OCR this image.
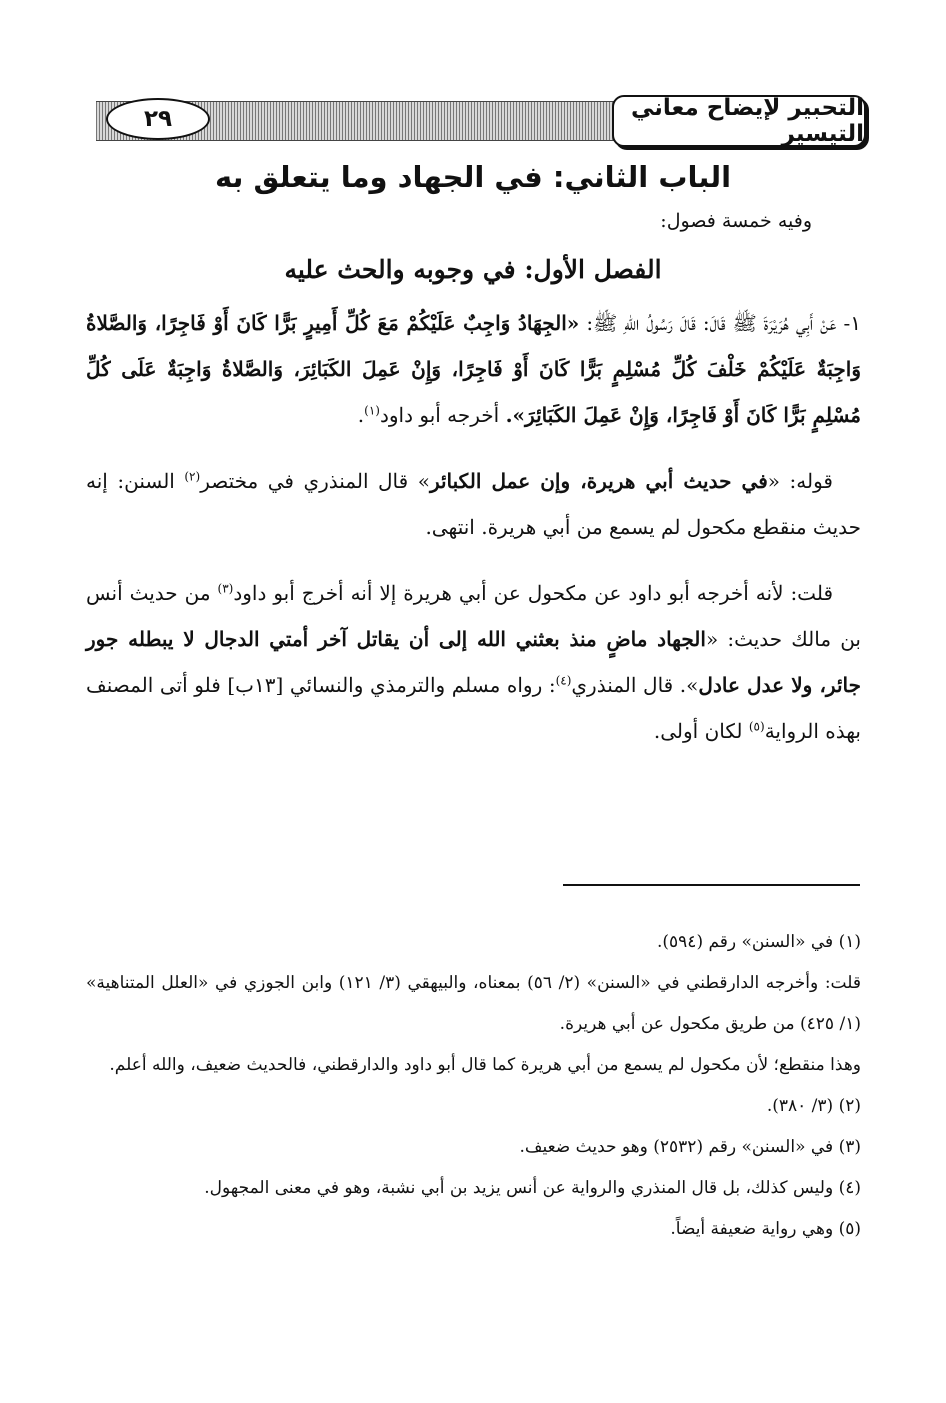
التحبير لإيضاح معاني التيسير
٢٩
الباب الثاني: في الجهاد وما يتعلق به
وفيه خمسة فصول:
الفصل الأول: في وجوبه والحث عليه

١- عَنْ أَبِي هُرَيْرَةَ ﷺ قَالَ: قَالَ رَسُولُ اللهِ ﷺ: «الجِهَادُ وَاجِبٌ عَلَيْكُمْ مَعَ كُلِّ أَمِيرٍ بَرًّا كَانَ أَوْ فَاجِرًا، وَالصَّلاةُ وَاجِبَةٌ عَلَيْكُمْ خَلْفَ كُلِّ مُسْلِمٍ بَرًّا كَانَ أَوْ فَاجِرًا، وَإِنْ عَمِلَ الكَبَائِرَ، وَالصَّلاةُ وَاجِبَةٌ عَلَى كُلِّ مُسْلِمٍ بَرًّا كَانَ أَوْ فَاجِرًا، وَإِنْ عَمِلَ الكَبَائِرَ». أخرجه أبو داود$^{(١)}$.

قوله: «في حديث أبي هريرة، وإن عمل الكبائر» قال المنذري في مختصر$^{(٢)}$ السنن: إنه حديث منقطع مكحول لم يسمع من أبي هريرة. انتهى.

قلت: لأنه أخرجه أبو داود عن مكحول عن أبي هريرة إلا أنه أخرج أبو داود$^{(٣)}$ من حديث أنس بن مالك حديث: «الجهاد ماضٍ منذ بعثني الله إلى أن يقاتل آخر أمتي الدجال لا يبطله جور جائر، ولا عدل عادل». قال المنذري$^{(٤)}$: رواه مسلم والترمذي والنسائي [١٣ب] فلو أتى المصنف بهذه الرواية$^{(٥)}$ لكان أولى.

(١) في «السنن» رقم (٥٩٤).

قلت: وأخرجه الدارقطني في «السنن» (٢/ ٥٦) بمعناه، والبيهقي (٣/ ١٢١) وابن الجوزي في «العلل المتناهية» (١/ ٤٢٥) من طريق مكحول عن أبي هريرة.

وهذا منقطع؛ لأن مكحول لم يسمع من أبي هريرة كما قال أبو داود والدارقطني، فالحديث ضعيف، والله أعلم.

(٢) (٣/ ٣٨٠).

(٣) في «السنن» رقم (٢٥٣٢) وهو حديث ضعيف.

(٤) وليس كذلك، بل قال المنذري والرواية عن أنس يزيد بن أبي نشبة، وهو في معنى المجهول.

(٥) وهي رواية ضعيفة أيضاً.
